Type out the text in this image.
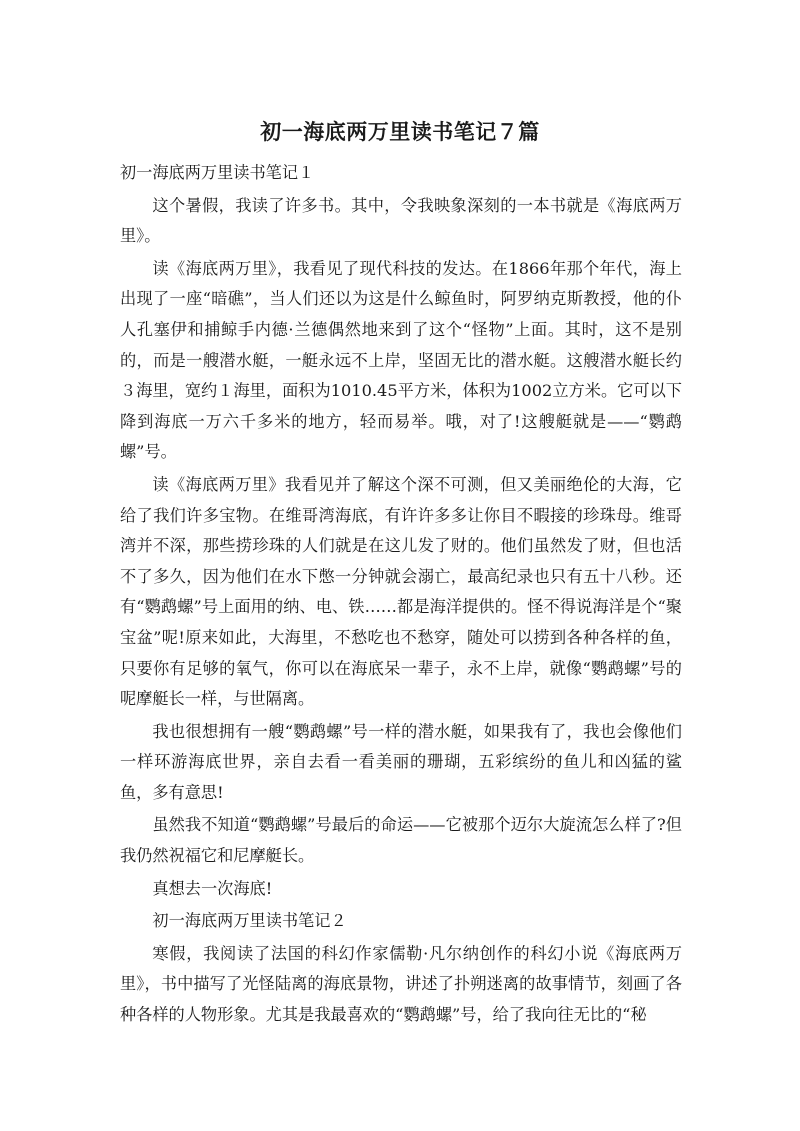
初一海底两万里读书笔记７篇

初一海底两万里读书笔记１

这个暑假，我读了许多书。其中，令我映象深刻的一本书就是《海底两万里》。

读《海底两万里》，我看见了现代科技的发达。在1866年那个年代，海上出现了一座“暗礁”，当人们还以为这是什么鲸鱼时，阿罗纳克斯教授，他的仆人孔塞伊和捕鲸手内德·兰德偶然地来到了这个“怪物”上面。其时，这不是别的，而是一艘潜水艇，一艇永远不上岸，坚固无比的潜水艇。这艘潜水艇长约３海里，宽约１海里，面积为1010.45平方米，体积为1002立方米。它可以下降到海底一万六千多米的地方，轻而易举。哦，对了!这艘艇就是——“鹦鹉螺”号。

读《海底两万里》我看见并了解这个深不可测，但又美丽绝伦的大海，它给了我们许多宝物。在维哥湾海底，有许许多多让你目不暇接的珍珠母。维哥湾并不深，那些捞珍珠的人们就是在这儿发了财的。他们虽然发了财，但也活不了多久，因为他们在水下憋一分钟就会溺亡，最高纪录也只有五十八秒。还有“鹦鹉螺”号上面用的纳、电、铁……都是海洋提供的。怪不得说海洋是个“聚宝盆”呢!原来如此，大海里，不愁吃也不愁穿，随处可以捞到各种各样的鱼，只要你有足够的氧气，你可以在海底呆一辈子，永不上岸，就像“鹦鹉螺”号的呢摩艇长一样，与世隔离。

我也很想拥有一艘“鹦鹉螺”号一样的潜水艇，如果我有了，我也会像他们一样环游海底世界，亲自去看一看美丽的珊瑚，五彩缤纷的鱼儿和凶猛的鲨鱼，多有意思!

虽然我不知道“鹦鹉螺”号最后的命运——它被那个迈尔大旋流怎么样了?但我仍然祝福它和尼摩艇长。

真想去一次海底!

初一海底两万里读书笔记２

寒假，我阅读了法国的科幻作家儒勒·凡尔纳创作的科幻小说《海底两万里》，书中描写了光怪陆离的海底景物，讲述了扑朔迷离的故事情节，刻画了各种各样的人物形象。尤其是我最喜欢的“鹦鹉螺”号，给了我向往无比的“秘
